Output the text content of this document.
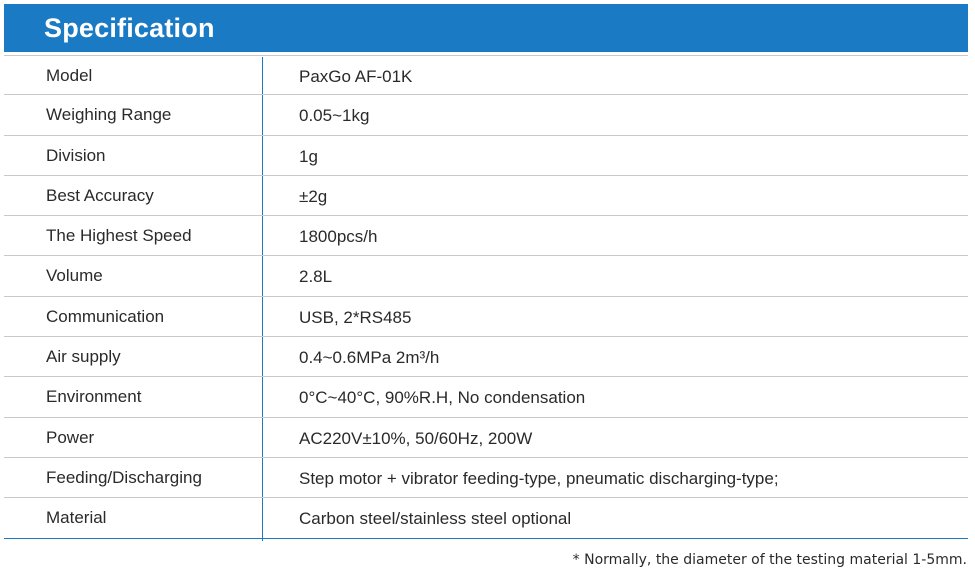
Specification
Model	PaxGo AF-01K
Weighing Range	0.05~1kg
Division	1g
Best Accuracy	±2g
The Highest Speed	1800pcs/h
Volume	2.8L
Communication	USB, 2*RS485
Air supply	0.4~0.6MPa 2m³/h
Environment	0°C~40°C, 90%R.H, No condensation
Power	AC220V±10%, 50/60Hz, 200W
Feeding/Discharging	Step motor + vibrator feeding-type, pneumatic discharging-type;
Material	Carbon steel/stainless steel optional
* Normally, the diameter of the testing material 1-5mm.
